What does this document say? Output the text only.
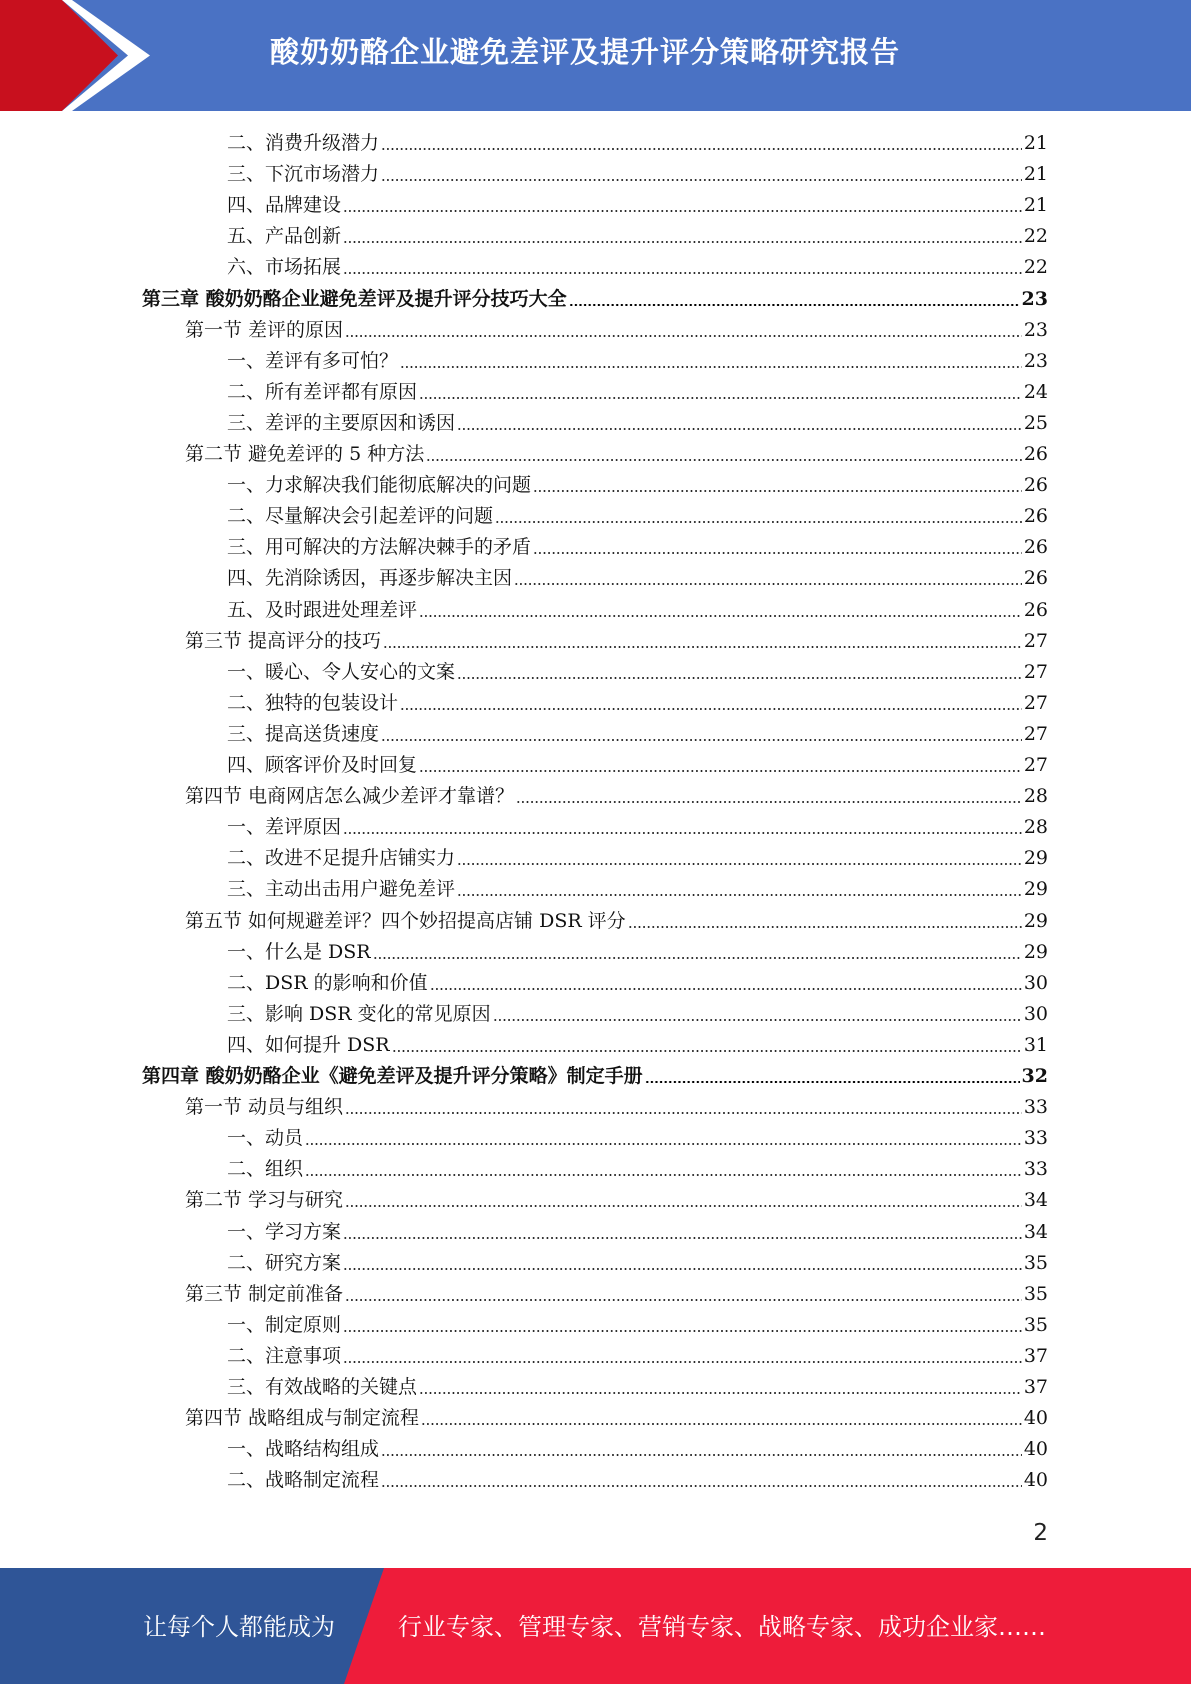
酸奶奶酪企业避免差评及提升评分策略研究报告
二、消费升级潜力	21
三、下沉市场潜力	21
四、品牌建设	21
五、产品创新	22
六、市场拓展	22
第三章 酸奶奶酪企业避免差评及提升评分技巧大全	23
第一节 差评的原因	23
一、差评有多可怕？	23
二、所有差评都有原因	24
三、差评的主要原因和诱因	25
第二节 避免差评的 5 种方法	26
一、力求解决我们能彻底解决的问题	26
二、尽量解决会引起差评的问题	26
三、用可解决的方法解决棘手的矛盾	26
四、先消除诱因，再逐步解决主因	26
五、及时跟进处理差评	26
第三节 提高评分的技巧	27
一、暖心、令人安心的文案	27
二、独特的包装设计	27
三、提高送货速度	27
四、顾客评价及时回复	27
第四节 电商网店怎么减少差评才靠谱？	28
一、差评原因	28
二、改进不足提升店铺实力	29
三、主动出击用户避免差评	29
第五节 如何规避差评？四个妙招提高店铺 DSR 评分	29
一、什么是 DSR	29
二、DSR 的影响和价值	30
三、影响 DSR 变化的常见原因	30
四、如何提升 DSR	31
第四章 酸奶奶酪企业《避免差评及提升评分策略》制定手册	32
第一节 动员与组织	33
一、动员	33
二、组织	33
第二节 学习与研究	34
一、学习方案	34
二、研究方案	35
第三节 制定前准备	35
一、制定原则	35
二、注意事项	37
三、有效战略的关键点	37
第四节 战略组成与制定流程	40
一、战略结构组成	40
二、战略制定流程	40
2
让每个人都能成为	行业专家、管理专家、营销专家、战略专家、成功企业家……
